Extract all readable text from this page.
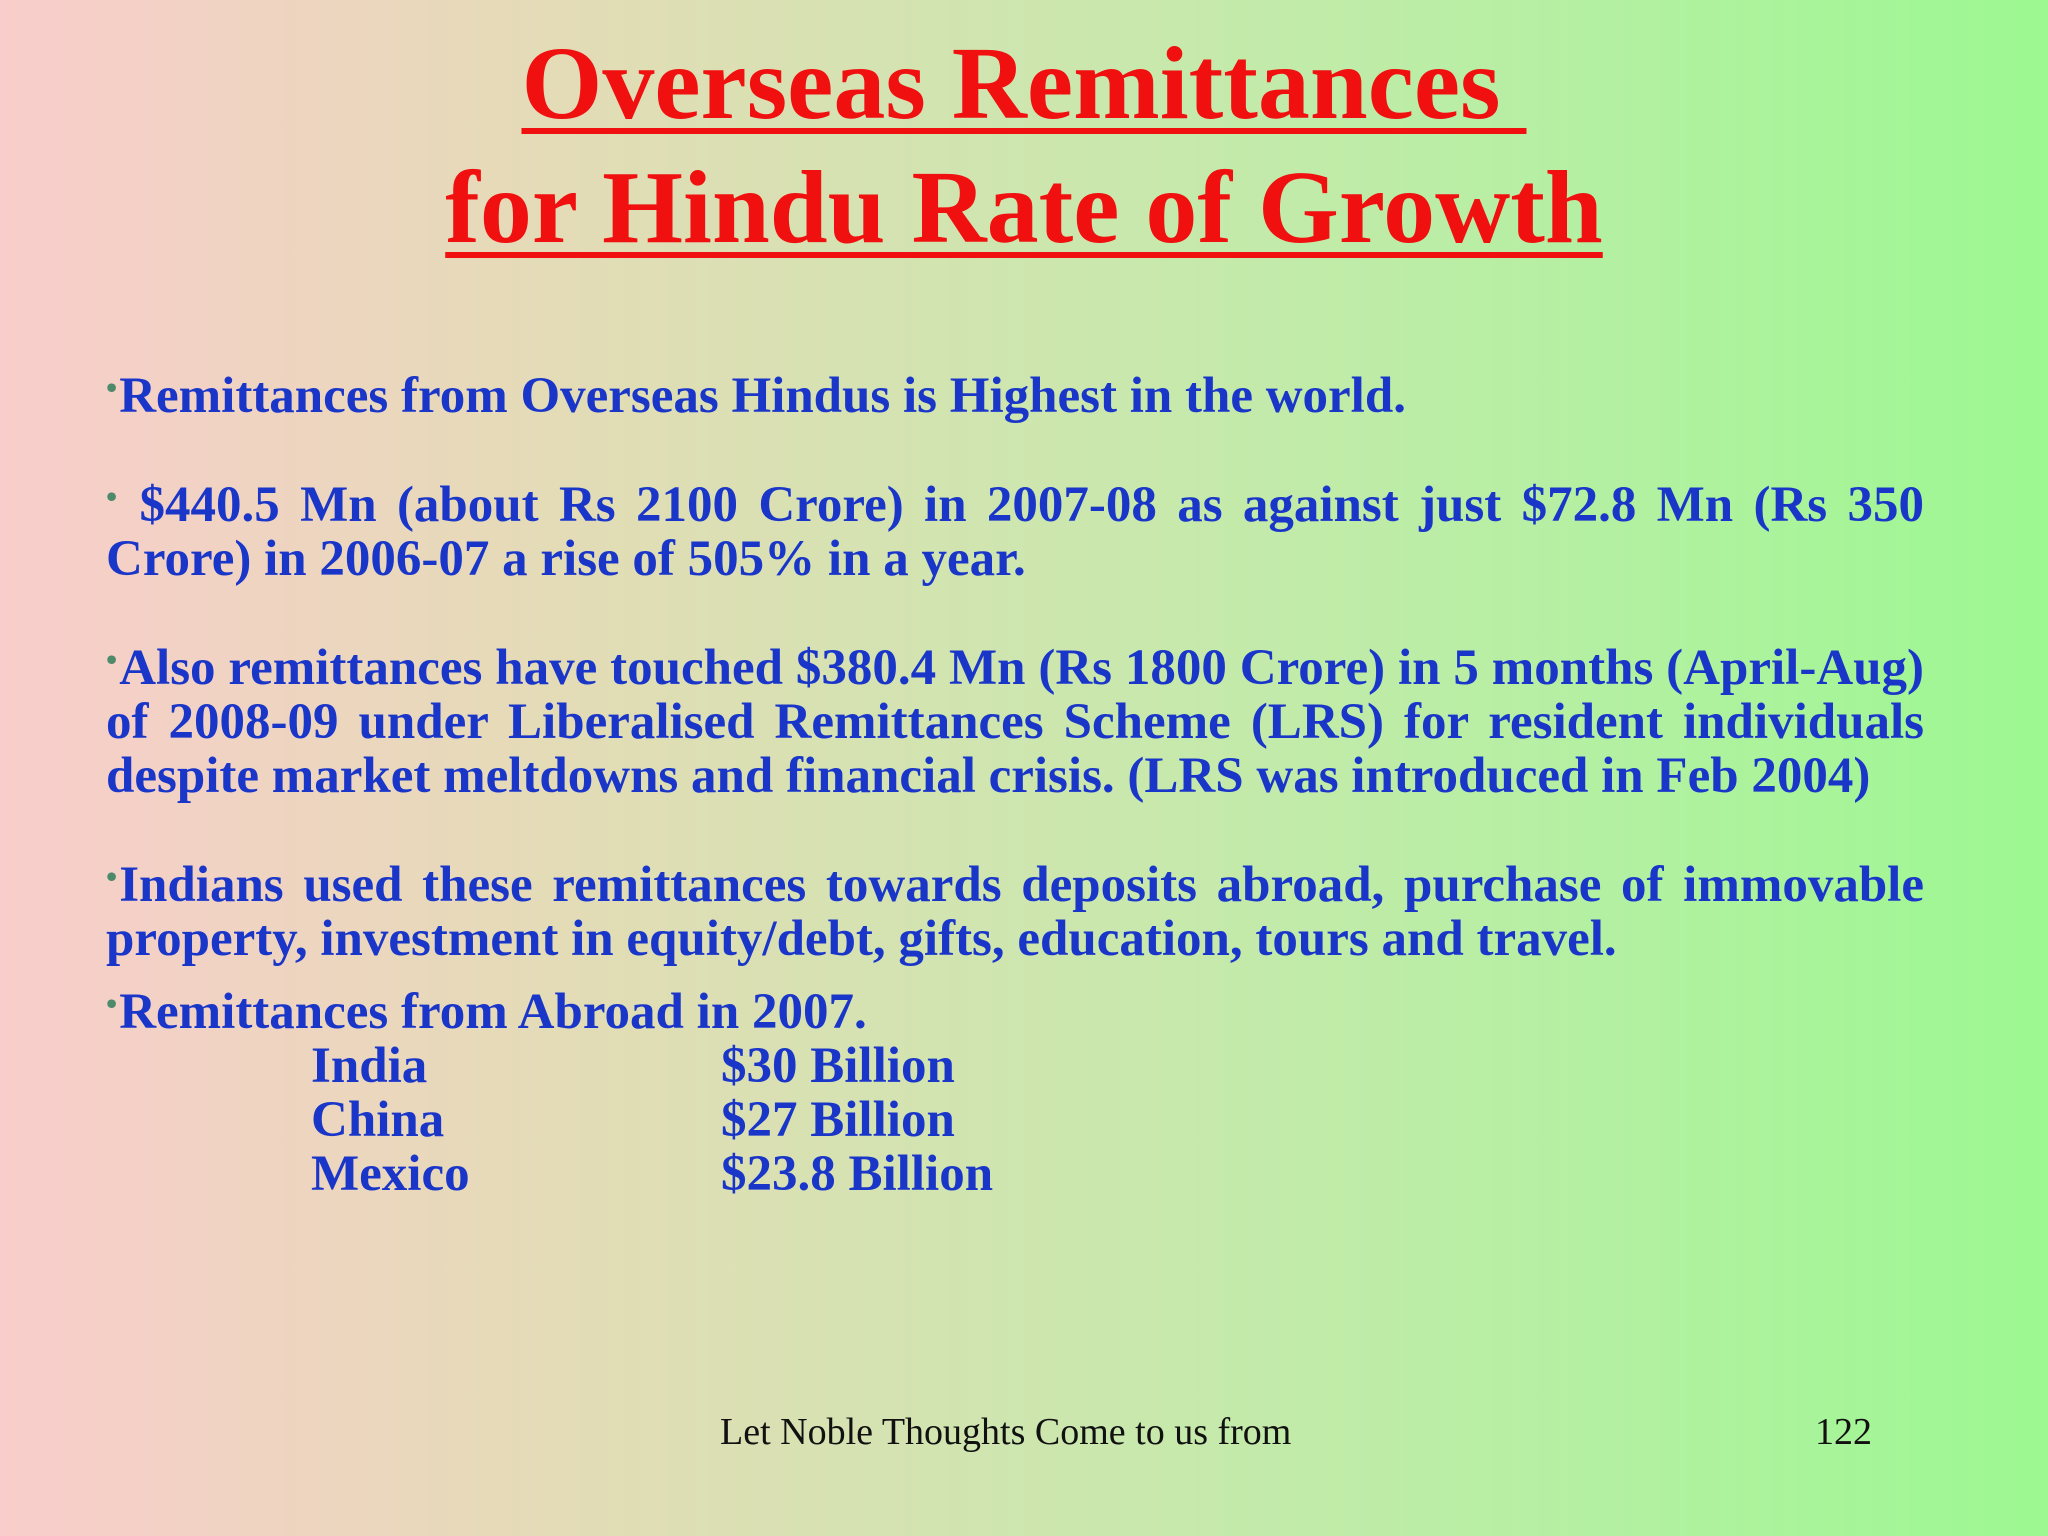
Overseas Remittances
for Hindu Rate of Growth
•Remittances from Overseas Hindus is Highest in the world.
• $440.5 Mn (about Rs 2100 Crore) in 2007-08 as against just $72.8 Mn (Rs 350 Crore) in 2006-07 a rise of 505% in a year.
•Also remittances have touched $380.4 Mn (Rs 1800 Crore) in 5 months (April-Aug) of 2008-09 under Liberalised Remittances Scheme (LRS) for resident individuals despite market meltdowns and financial crisis. (LRS was introduced in Feb 2004)
•Indians used these remittances towards deposits abroad, purchase of immovable property, investment in equity/debt, gifts, education, tours and travel.
•Remittances from Abroad in 2007.
India	$30 Billion
China	$27 Billion
Mexico	$23.8 Billion
Let Noble Thoughts Come to us from	122
